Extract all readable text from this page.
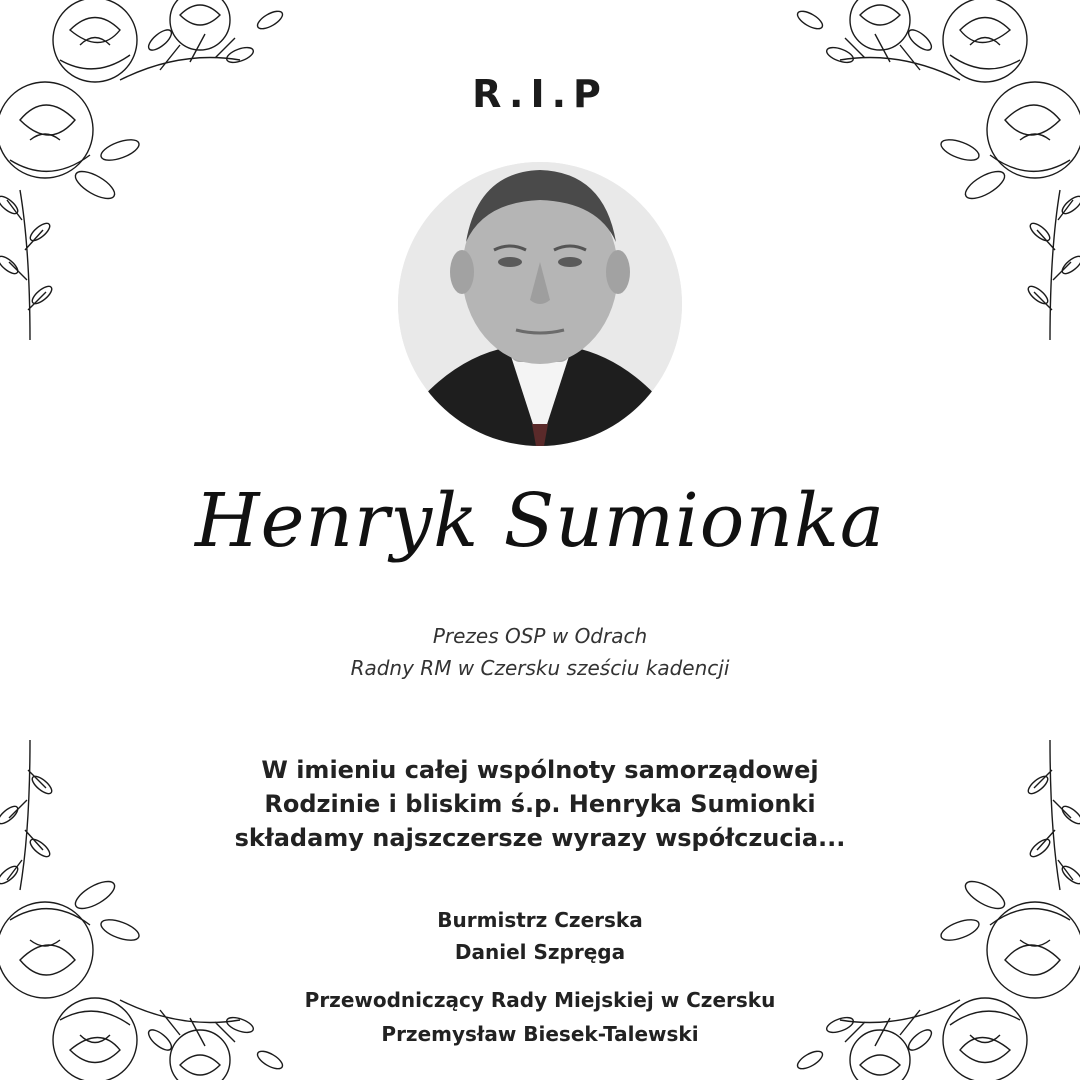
R.I.P
Henryk Sumionka
Prezes OSP w Odrach
Radny RM w Czersku sześciu kadencji
W imieniu całej wspólnoty samorządowej
Rodzinie i bliskim ś.p. Henryka Sumionki
składamy najszczersze wyrazy współczucia...
Burmistrz Czerska
Daniel Szpręga
Przewodniczący Rady Miejskiej w Czersku
Przemysław Biesek-Talewski
